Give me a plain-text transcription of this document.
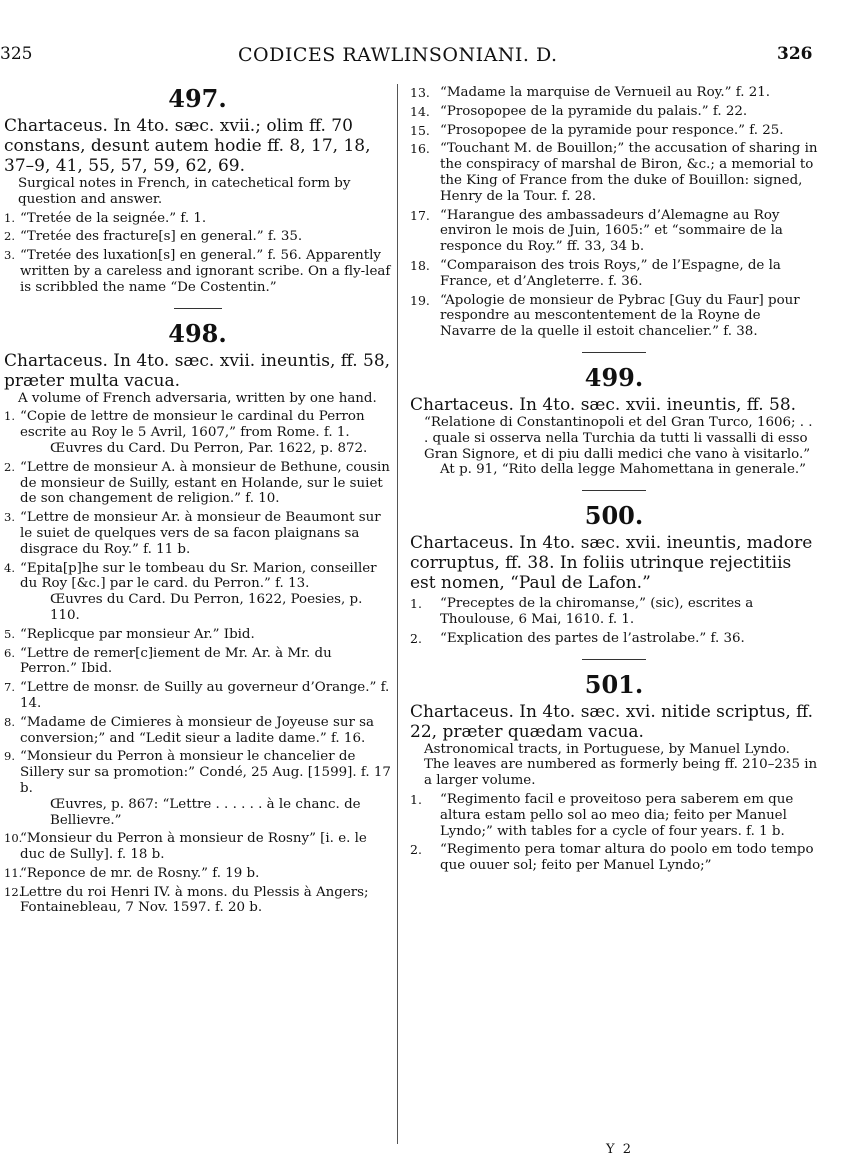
325	CODICES RAWLINSONIANI. D.	326
497.
Chartaceus. In 4to. sæc. xvii.; olim ff. 70 constans, desunt autem hodie ff. 8, 17, 18, 37–9, 41, 55, 57, 59, 62, 69.
Surgical notes in French, in catechetical form by question and answer.
1. “Tretée de la seignée.” f. 1.
2. “Tretée des fracture[s] en general.” f. 35.
3. “Tretée des luxation[s] en general.” f. 56. Apparently written by a careless and ignorant scribe. On a fly-leaf is scribbled the name “De Costentin.”
498.
Chartaceus. In 4to. sæc. xvii. ineuntis, ff. 58, præter multa vacua.
A volume of French adversaria, written by one hand.
1. “Copie de lettre de monsieur le cardinal du Perron escrite au Roy le 5 Avril, 1607,” from Rome. f. 1.
Œuvres du Card. Du Perron, Par. 1622, p. 872.
2. “Lettre de monsieur A. à monsieur de Bethune, cousin de monsieur de Suilly, estant en Holande, sur le suiet de son changement de religion.” f. 10.
3. “Lettre de monsieur Ar. à monsieur de Beaumont sur le suiet de quelques vers de sa facon plaignans sa disgrace du Roy.” f. 11 b.
4. “Epita[p]he sur le tombeau du Sr. Marion, conseiller du Roy [&c.] par le card. du Perron.” f. 13.
Œuvres du Card. Du Perron, 1622, Poesies, p. 110.
5. “Replicque par monsieur Ar.” Ibid.
6. “Lettre de remer[c]iement de Mr. Ar. à Mr. du Perron.” Ibid.
7. “Lettre de monsr. de Suilly au governeur d’Orange.” f. 14.
8. “Madame de Cimieres à monsieur de Joyeuse sur sa conversion;” and “Ledit sieur a ladite dame.” f. 16.
9. “Monsieur du Perron à monsieur le chancelier de Sillery sur sa promotion:” Condé, 25 Aug. [1599]. f. 17 b.
Œuvres, p. 867: “Lettre . . . . . . à le chanc. de Bellievre.”
10.
“Monsieur du Perron à monsieur de Rosny” [i. e. le duc de Sully]. f. 18 b.
11.
“Reponce de mr. de Rosny.” f. 19 b.
12.
Lettre du roi Henri IV. à mons. du Plessis à Angers; Fontainebleau, 7 Nov. 1597. f. 20 b.
13. “Madame la marquise de Vernueil au Roy.” f. 21.
14. “Prosopopee de la pyramide du palais.” f. 22.
15. “Prosopopee de la pyramide pour responce.” f. 25.
16. “Touchant M. de Bouillon;” the accusation of sharing in the conspiracy of marshal de Biron, &c.; a memorial to the King of France from the duke of Bouillon: signed, Henry de la Tour. f. 28.
17. “Harangue des ambassadeurs d’Alemagne au Roy environ le mois de Juin, 1605:” et “sommaire de la responce du Roy.” ff. 33, 34 b.
18. “Comparaison des trois Roys,” de l’Espagne, de la France, et d’Angleterre. f. 36.
19. “Apologie de monsieur de Pybrac [Guy du Faur] pour respondre au mescontentement de la Royne de Navarre de la quelle il estoit chancelier.” f. 38.
499.
Chartaceus. In 4to. sæc. xvii. ineuntis, ff. 58.
“Relatione di Constantinopoli et del Gran Turco, 1606; . . . quale si osserva nella Turchia da tutti li vassalli di esso Gran Signore, et di piu dalli medici che vano à visitarlo.”
At p. 91, “Rito della legge Mahomettana in generale.”
500.
Chartaceus. In 4to. sæc. xvii. ineuntis, madore corruptus, ff. 38. In foliis utrinque rejectitiis est nomen, “Paul de Lafon.”
1. “Preceptes de la chiromanse,” (sic), escrites a Thoulouse, 6 Mai, 1610. f. 1.
2. “Explication des partes de l’astrolabe.” f. 36.
501.
Chartaceus. In 4to. sæc. xvi. nitide scriptus, ff. 22, præter quædam vacua.
Astronomical tracts, in Portuguese, by Manuel Lyndo. The leaves are numbered as formerly being ff. 210–235 in a larger volume.
1. “Regimento facil e proveitoso pera saberem em que altura estam pello sol ao meo dia; feito per Manuel Lyndo;” with tables for a cycle of four years. f. 1 b.
2. “Regimento pera tomar altura do poolo em todo tempo que ouuer sol; feito per Manuel Lyndo;”
Y 2
